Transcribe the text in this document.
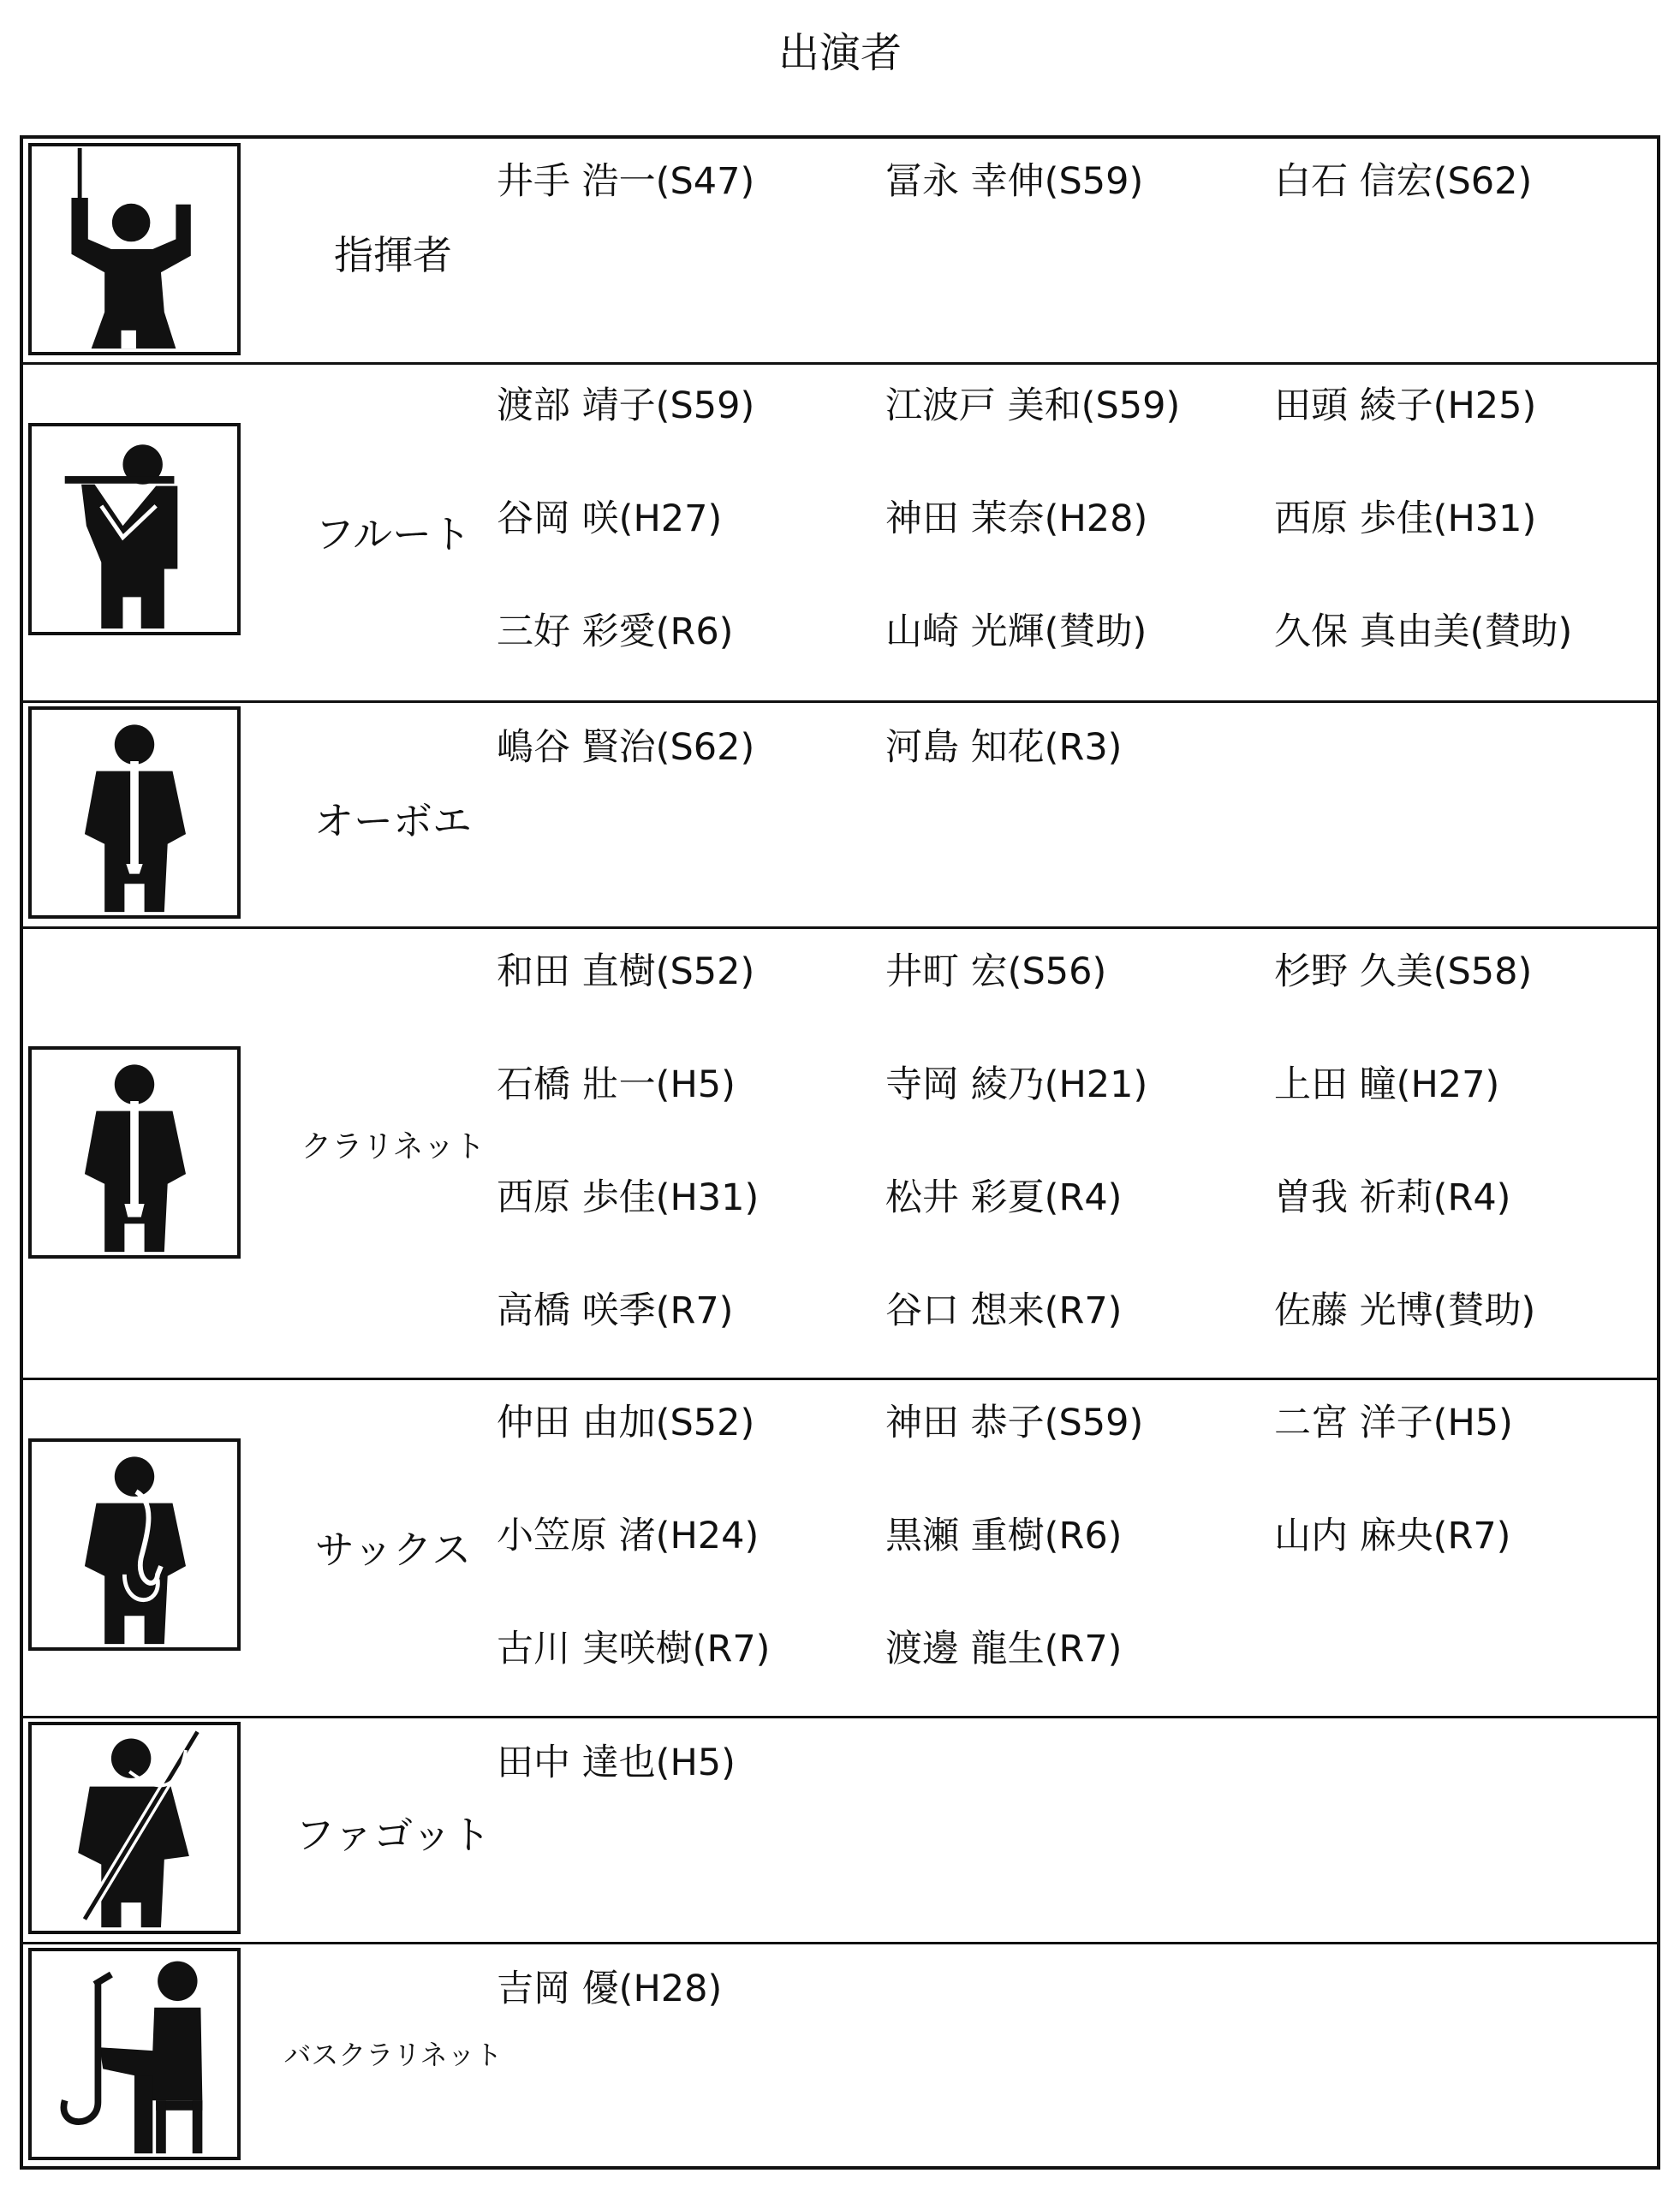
出演者
指揮者
井手 浩一(S47)	冨永 幸伸(S59)	白石 信宏(S62)
フルート
渡部 靖子(S59)	江波戸 美和(S59)	田頭 綾子(H25)
谷岡 咲(H27)	神田 茉奈(H28)	西原 歩佳(H31)
三好 彩愛(R6)	山崎 光輝(賛助)	久保 真由美(賛助)
オーボエ
嶋谷 賢治(S62)	河島 知花(R3)
クラリネット
和田 直樹(S52)	井町 宏(S56)	杉野 久美(S58)
石橋 壯一(H5)	寺岡 綾乃(H21)	上田 瞳(H27)
西原 歩佳(H31)	松井 彩夏(R4)	曽我 祈莉(R4)
高橋 咲季(R7)	谷口 想来(R7)	佐藤 光博(賛助)
サックス
仲田 由加(S52)	神田 恭子(S59)	二宮 洋子(H5)
小笠原 渚(H24)	黒瀬 重樹(R6)	山内 麻央(R7)
古川 実咲樹(R7)	渡邊 龍生(R7)
ファゴット
田中 達也(H5)
バスクラリネット
吉岡 優(H28)
